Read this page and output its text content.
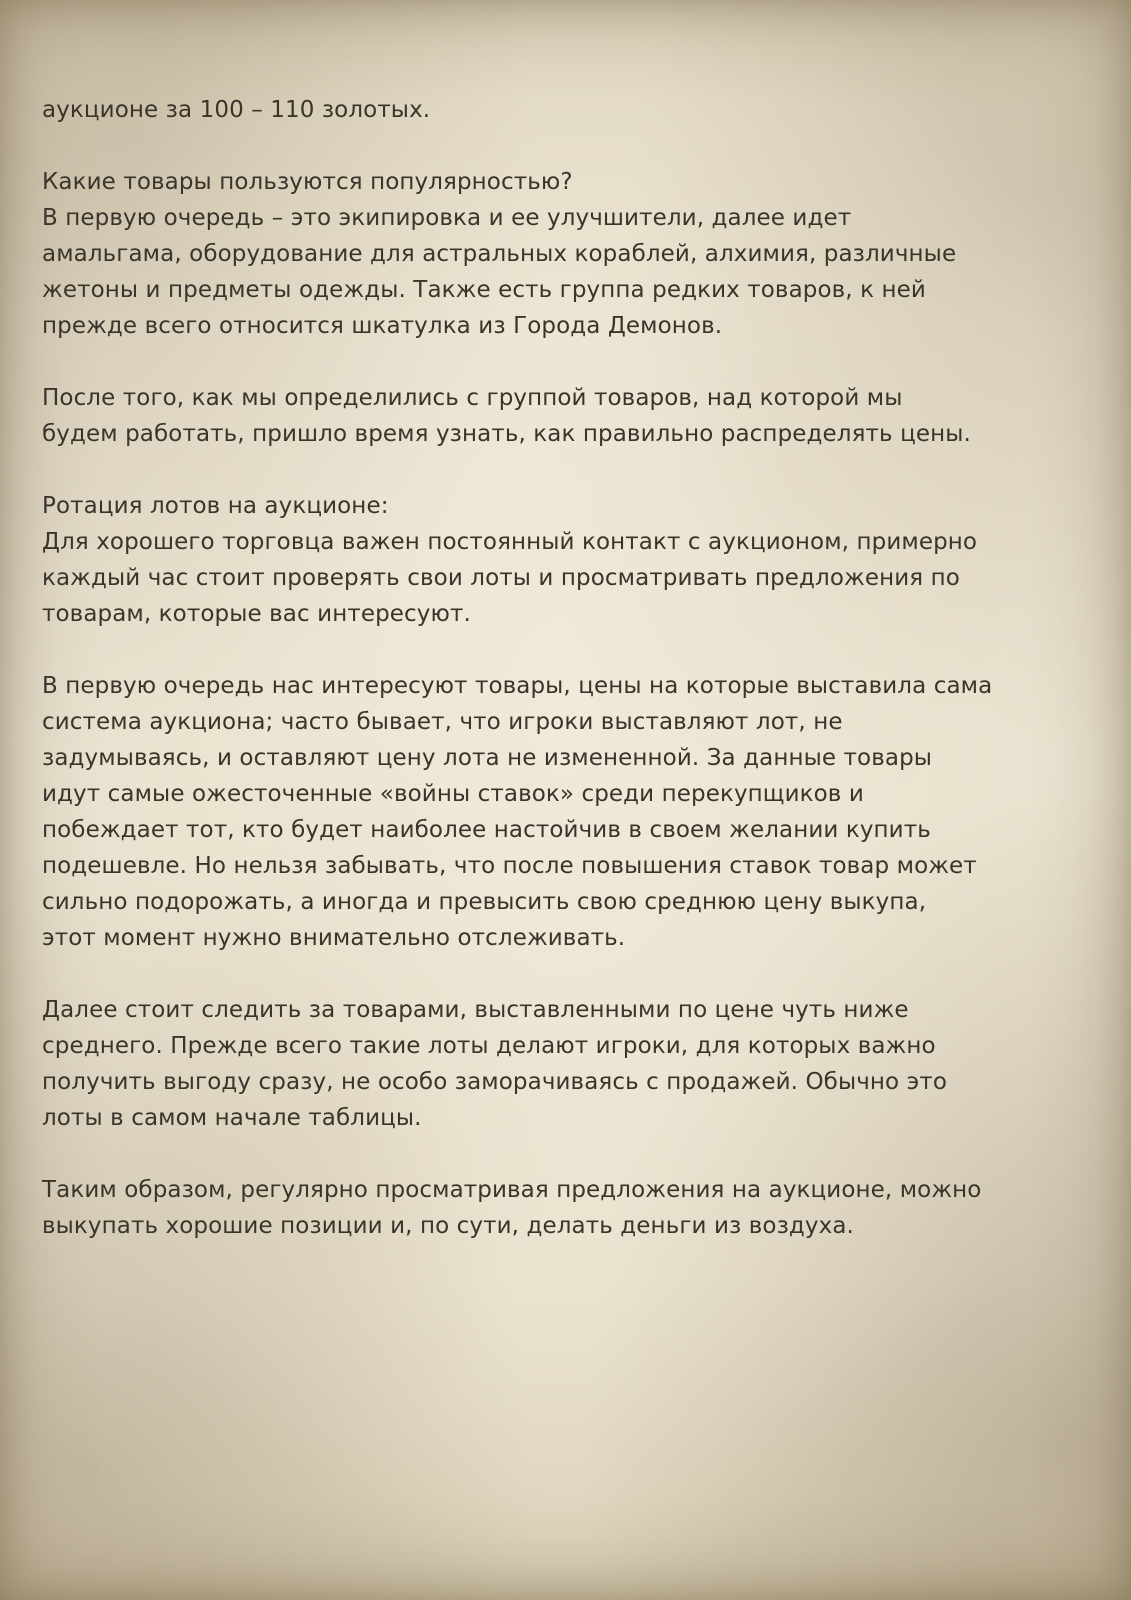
аукционе за 100 – 110 золотых.

Какие товары пользуются популярностью?
В первую очередь – это экипировка и ее улучшители, далее идет
амальгама, оборудование для астральных кораблей, алхимия, различные
жетоны и предметы одежды. Также есть группа редких товаров, к ней
прежде всего относится шкатулка из Города Демонов.

После того, как мы определились с группой товаров, над которой мы
будем работать, пришло время узнать, как правильно распределять цены.

Ротация лотов на аукционе:
Для хорошего торговца важен постоянный контакт с аукционом, примерно
каждый час стоит проверять свои лоты и просматривать предложения по
товарам, которые вас интересуют.

В первую очередь нас интересуют товары, цены на которые выставила сама
система аукциона; часто бывает, что игроки выставляют лот, не
задумываясь, и оставляют цену лота не измененной. За данные товары
идут самые ожесточенные «войны ставок» среди перекупщиков и
побеждает тот, кто будет наиболее настойчив в своем желании купить
подешевле. Но нельзя забывать, что после повышения ставок товар может
сильно подорожать, а иногда и превысить свою среднюю цену выкупа,
этот момент нужно внимательно отслеживать.

Далее стоит следить за товарами, выставленными по цене чуть ниже
среднего. Прежде всего такие лоты делают игроки, для которых важно
получить выгоду сразу, не особо заморачиваясь с продажей. Обычно это
лоты в самом начале таблицы.

Таким образом, регулярно просматривая предложения на аукционе, можно
выкупать хорошие позиции и, по сути, делать деньги из воздуха.
